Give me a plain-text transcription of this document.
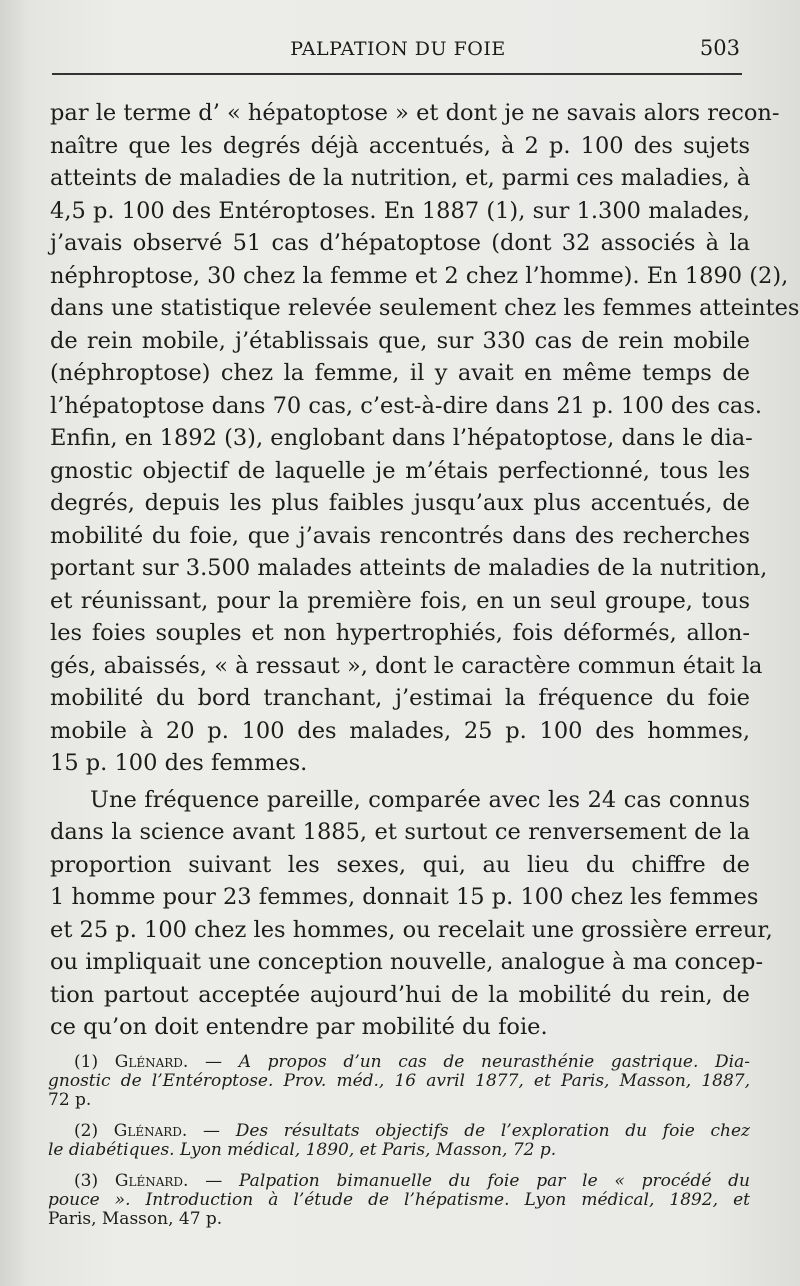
PALPATION DU FOIE	503
par le terme d’ « hépatoptose » et dont je ne savais alors recon-
naître que les degrés déjà accentués, à 2 p. 100 des sujets
atteints de maladies de la nutrition, et, parmi ces maladies, à
4,5 p. 100 des Entéroptoses. En 1887 (1), sur 1.300 malades,
j’avais observé 51 cas d’hépatoptose (dont 32 associés à la
néphroptose, 30 chez la femme et 2 chez l’homme). En 1890 (2),
dans une statistique relevée seulement chez les femmes atteintes
de rein mobile, j’établissais que, sur 330 cas de rein mobile
(néphroptose) chez la femme, il y avait en même temps de
l’hépatoptose dans 70 cas, c’est-à-dire dans 21 p. 100 des cas.
Enfin, en 1892 (3), englobant dans l’hépatoptose, dans le dia-
gnostic objectif de laquelle je m’étais perfectionné, tous les
degrés, depuis les plus faibles jusqu’aux plus accentués, de
mobilité du foie, que j’avais rencontrés dans des recherches
portant sur 3.500 malades atteints de maladies de la nutrition,
et réunissant, pour la première fois, en un seul groupe, tous
les foies souples et non hypertrophiés, fois déformés, allon-
gés, abaissés, « à ressaut », dont le caractère commun était la
mobilité du bord tranchant, j’estimai la fréquence du foie
mobile à 20 p. 100 des malades, 25 p. 100 des hommes,
15 p. 100 des femmes.
Une fréquence pareille, comparée avec les 24 cas connus
dans la science avant 1885, et surtout ce renversement de la
proportion suivant les sexes, qui, au lieu du chiffre de
1 homme pour 23 femmes, donnait 15 p. 100 chez les femmes
et 25 p. 100 chez les hommes, ou recelait une grossière erreur,
ou impliquait une conception nouvelle, analogue à ma concep-
tion partout acceptée aujourd’hui de la mobilité du rein, de
ce qu’on doit entendre par mobilité du foie.
(1) Glénard. — A propos d’un cas de neurasthénie gastrique. Dia-
gnostic de l’Entéroptose. Prov. méd., 16 avril 1877, et Paris, Masson, 1887,
72 p.
(2) Glénard. — Des résultats objectifs de l’exploration du foie chez
le diabétiques. Lyon médical, 1890, et Paris, Masson, 72 p.
(3) Glénard. — Palpation bimanuelle du foie par le « procédé du
pouce ». Introduction à l’étude de l’hépatisme. Lyon médical, 1892, et
Paris, Masson, 47 p.
